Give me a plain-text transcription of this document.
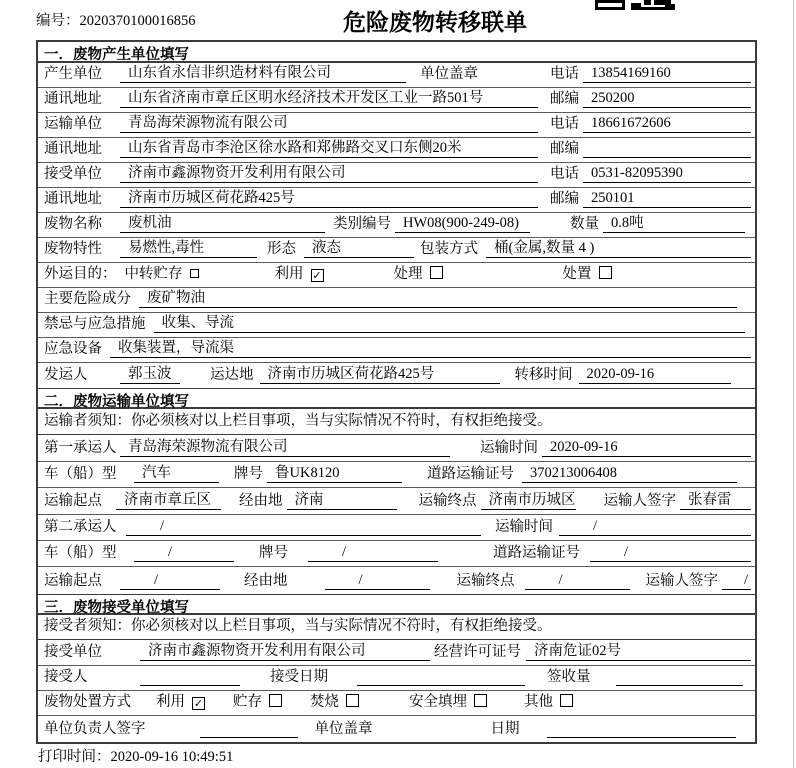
编号：2020370100016856	危险废物转移联单
一．废物产生单位填写
产生单位	山东省永信非织造材料有限公司	单位盖章	电话 13854169160
通讯地址	山东省济南市章丘区明水经济技术开发区工业一路501号	邮编 250200
运输单位	青岛海荣源物流有限公司	电话 18661672606
通讯地址	山东省青岛市李沧区徐水路和郑佛路交叉口东侧20米	邮编
接受单位	济南市鑫源物资开发利用有限公司	电话 0531-82095390
通讯地址	济南市历城区荷花路425号	邮编 250101
废物名称	废机油	类别编号 HW08(900-249-08)	数量 0.8吨
废物特性	易燃性,毒性	形态	液态	包装方式	桶(金属,数量 4 )
外运目的： 中转贮存	利用 ✓	处理	处置
主要危险成分	废矿物油
禁忌与应急措施	收集、导流
应急设备	收集装置，导流渠
发运人	郭玉波	运达地 济南市历城区荷花路425号	转移时间 2020-09-16
二．废物运输单位填写
运输者须知： 你必须核对以上栏目事项，当与实际情况不符时，有权拒绝接受。
第一承运人 青岛海荣源物流有限公司	运输时间 2020-09-16
车（船）型	汽车	牌号 鲁UK8120	道路运输证号	370213006408
运输起点	济南市章丘区	经由地 济南	运输终点 济南市历城区 运输人签字 张春雷
第二承运人	/	运输时间	/
车（船）型	/	牌号	/	道路运输证号	/
运输起点	/	经由地	/	运输终点	/	运输人签字	/
三．废物接受单位填写
接受者须知： 你必须核对以上栏目事项，当与实际情况不符时，有权拒绝接受。
接受单位	济南市鑫源物资开发利用有限公司	经营许可证号 济南危证02号
接受人	接受日期	签收量
废物处置方式 利用 ✓ 贮存	焚烧	安全填埋	其他
单位负责人签字	单位盖章	日期
打印时间：2020-09-16 10:49:51
